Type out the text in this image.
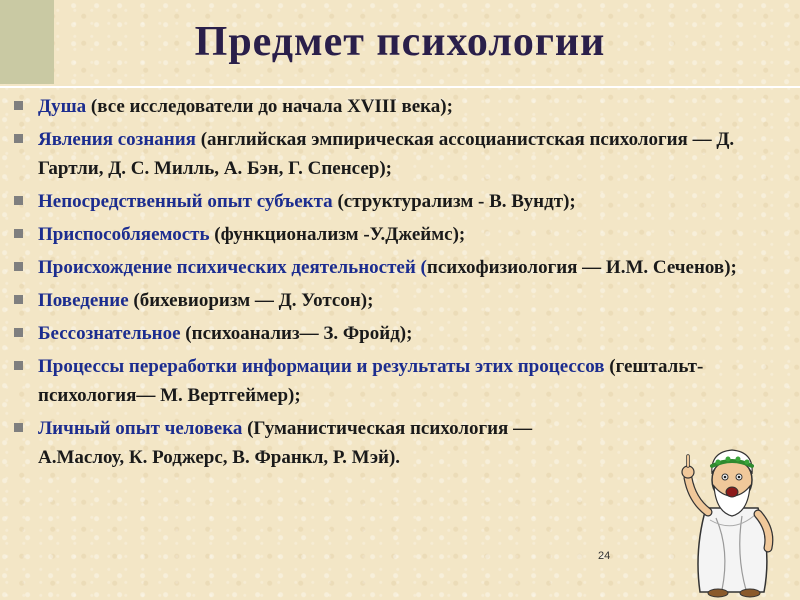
Предмет психологии
Душа (все исследователи до начала XVIII века);
Явления сознания (английская эмпирическая ассоцианистская психология — Д. Гартли, Д. С. Милль, А. Бэн, Г. Спенсер);
Непосредственный опыт субъекта (структурализм - В. Вундт);
Приспособляемость (функционализм -У.Джеймс);
Происхождение психических деятельностей (психофизиология — И.М. Сеченов);
Поведение (бихевиоризм — Д. Уотсон);
Бессознательное (психоанализ— З. Фройд);
Процессы переработки информации и результаты этих процессов (гештальт-психология— М. Вертгеймер);
Личный опыт человека (Гуманистическая психология — А.Маслоу, К. Роджерс, В. Франкл, Р. Мэй).
24
